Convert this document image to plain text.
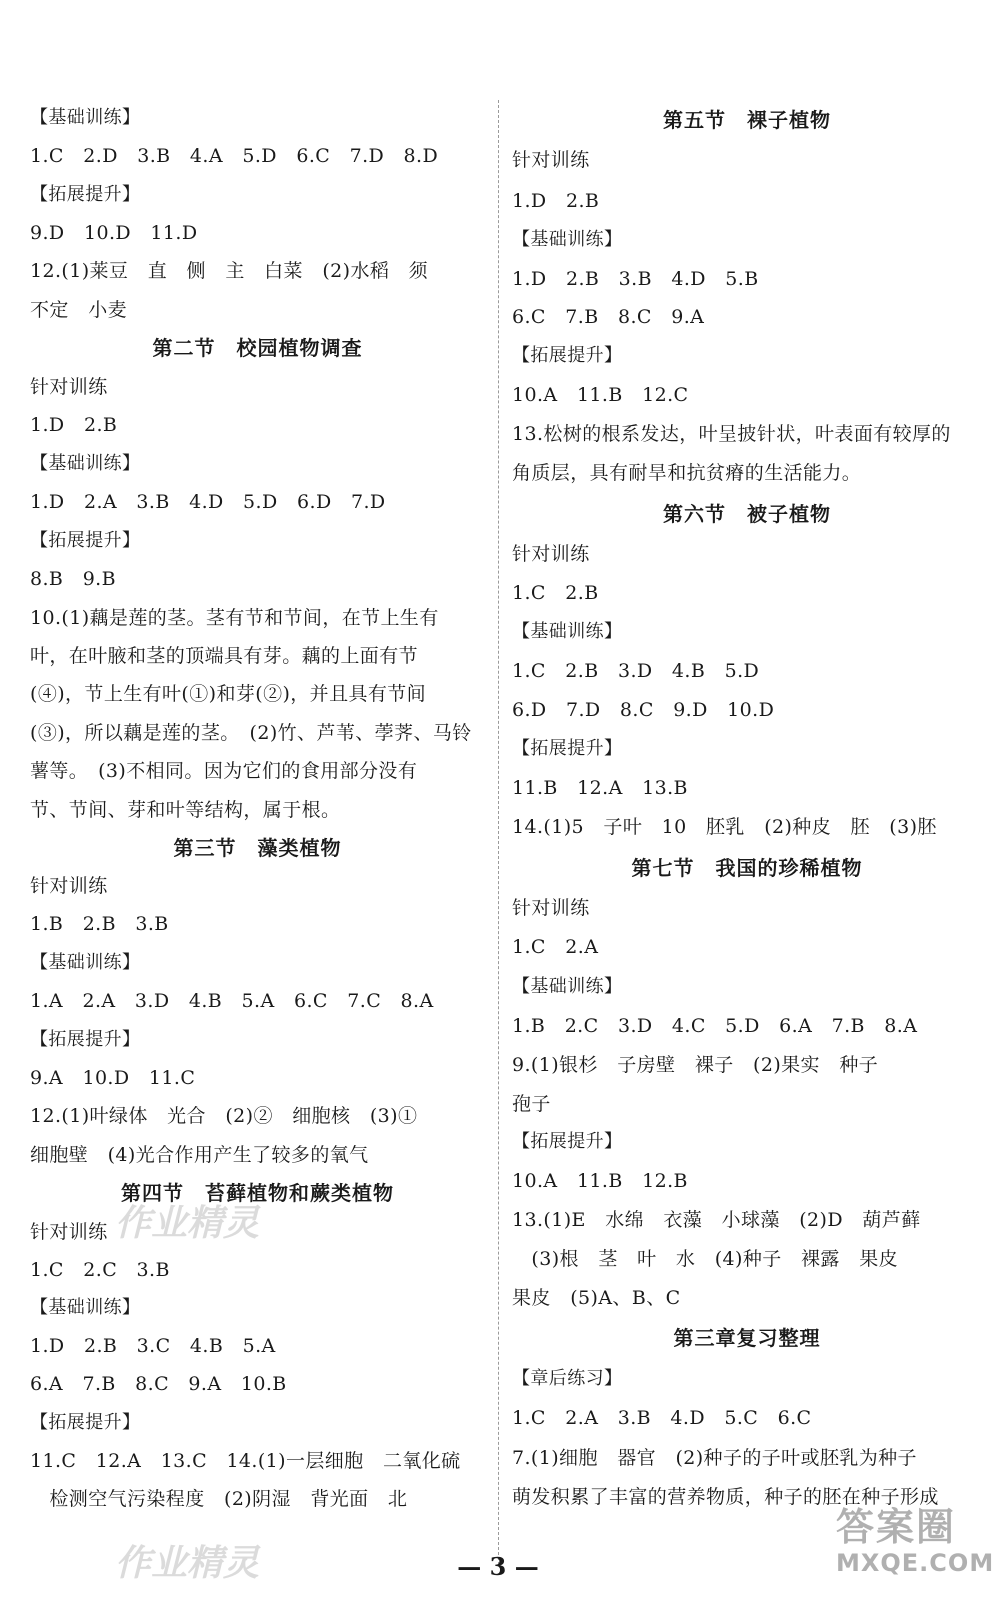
【基础训练】
1.C　2.D　3.B　4.A　5.D　6.C　7.D　8.D
【拓展提升】
9.D　10.D　11.D
12.(1)莱豆　直　侧　主　白菜　(2)水稻　须
不定　小麦
第二节　校园植物调查
针对训练
1.D　2.B
【基础训练】
1.D　2.A　3.B　4.D　5.D　6.D　7.D
【拓展提升】
8.B　9.B
10.(1)藕是莲的茎。茎有节和节间，在节上生有
叶，在叶腋和茎的顶端具有芽。藕的上面有节
(④)，节上生有叶(①)和芽(②)，并且具有节间
(③)，所以藕是莲的茎。　(2)竹、芦苇、荸荠、马铃
薯等。　(3)不相同。因为它们的食用部分没有
节、节间、芽和叶等结构，属于根。
第三节　藻类植物
针对训练
1.B　2.B　3.B
【基础训练】
1.A　2.A　3.D　4.B　5.A　6.C　7.C　8.A
【拓展提升】
9.A　10.D　11.C
12.(1)叶绿体　光合　(2)②　细胞核　(3)①
细胞壁　(4)光合作用产生了较多的氧气
第四节　苔藓植物和蕨类植物
针对训练
1.C　2.C　3.B
【基础训练】
1.D　2.B　3.C　4.B　5.A
6.A　7.B　8.C　9.A　10.B
【拓展提升】
11.C　12.A　13.C　14.(1)一层细胞　二氧化硫
　检测空气污染程度　(2)阴湿　背光面　北
第五节　裸子植物
针对训练
1.D　2.B
【基础训练】
1.D　2.B　3.B　4.D　5.B
6.C　7.B　8.C　9.A
【拓展提升】
10.A　11.B　12.C
13.松树的根系发达，叶呈披针状，叶表面有较厚的
角质层，具有耐旱和抗贫瘠的生活能力。
第六节　被子植物
针对训练
1.C　2.B
【基础训练】
1.C　2.B　3.D　4.B　5.D
6.D　7.D　8.C　9.D　10.D
【拓展提升】
11.B　12.A　13.B
14.(1)5　子叶　10　胚乳　(2)种皮　胚　(3)胚
第七节　我国的珍稀植物
针对训练
1.C　2.A
【基础训练】
1.B　2.C　3.D　4.C　5.D　6.A　7.B　8.A
9.(1)银杉　子房壁　裸子　(2)果实　种子
孢子
【拓展提升】
10.A　11.B　12.B
13.(1)E　水绵　衣藻　小球藻　(2)D　葫芦藓
　(3)根　茎　叶　水　(4)种子　裸露　果皮
果皮　(5)A、B、C
第三章复习整理
【章后练习】
1.C　2.A　3.B　4.D　5.C　6.C
7.(1)细胞　器官　(2)种子的子叶或胚乳为种子
萌发积累了丰富的营养物质，种子的胚在种子形成
— 3 —
作业精灵
作业精灵
答案圈
MXQE.COM
